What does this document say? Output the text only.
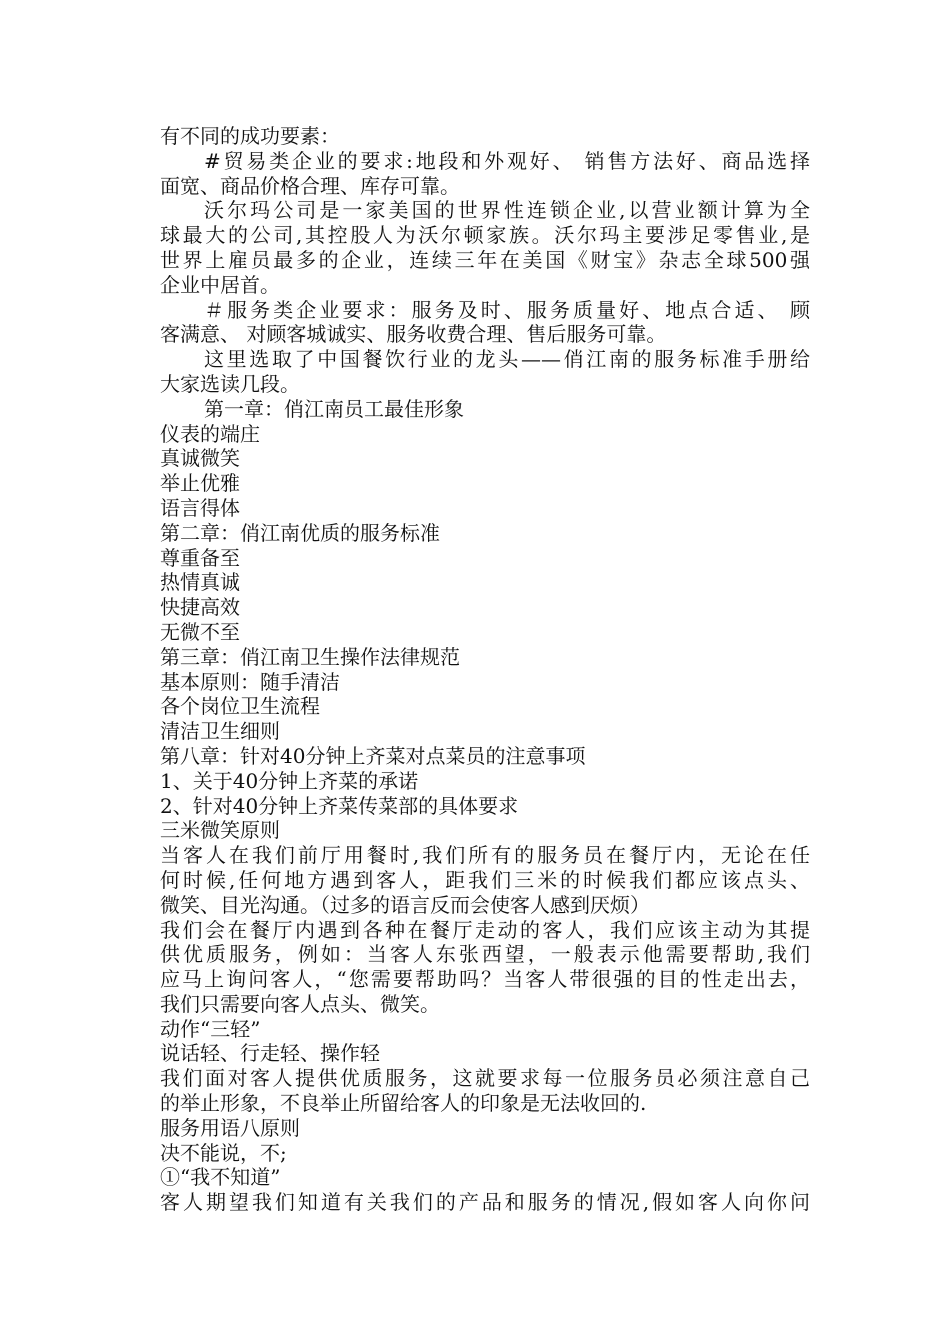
有不同的成功要素：
#贸易类企业的要求:地段和外观好、 销售方法好、商品选择
面宽、商品价格合理、库存可靠。
沃尔玛公司是一家美国的世界性连锁企业,以营业额计算为全
球最大的公司,其控股人为沃尔顿家族。沃尔玛主要涉足零售业,是
世界上雇员最多的企业，连续三年在美国《财宝》杂志全球500强
企业中居首。
＃服务类企业要求：服务及时、服务质量好、地点合适、 顾
客满意、 对顾客城诚实、服务收费合理、售后服务可靠。
这里选取了中国餐饮行业的龙头——俏江南的服务标准手册给
大家选读几段。
第一章：俏江南员工最佳形象
仪表的端庄
真诚微笑
举止优雅
语言得体
第二章：俏江南优质的服务标准
尊重备至
热情真诚
快捷高效
无微不至
第三章：俏江南卫生操作法律规范
基本原则：随手清洁
各个岗位卫生流程
清洁卫生细则
第八章：针对40分钟上齐菜对点菜员的注意事项
1、关于40分钟上齐菜的承诺
2、针对40分钟上齐菜传菜部的具体要求
三米微笑原则
当客人在我们前厅用餐时,我们所有的服务员在餐厅内，无论在任
何时候,任何地方遇到客人，距我们三米的时候我们都应该点头、
微笑、目光沟通。（过多的语言反而会使客人感到厌烦）
我们会在餐厅内遇到各种在餐厅走动的客人，我们应该主动为其提
供优质服务，例如：当客人东张西望，一般表示他需要帮助,我们
应马上询问客人，“您需要帮助吗？当客人带很强的目的性走出去，
我们只需要向客人点头、微笑。
动作“三轻”
说话轻、行走轻、操作轻
我们面对客人提供优质服务，这就要求每一位服务员必须注意自己
的举止形象，不良举止所留给客人的印象是无法收回的.
服务用语八原则
决不能说，不;
①“我不知道”
客人期望我们知道有关我们的产品和服务的情况,假如客人向你问
